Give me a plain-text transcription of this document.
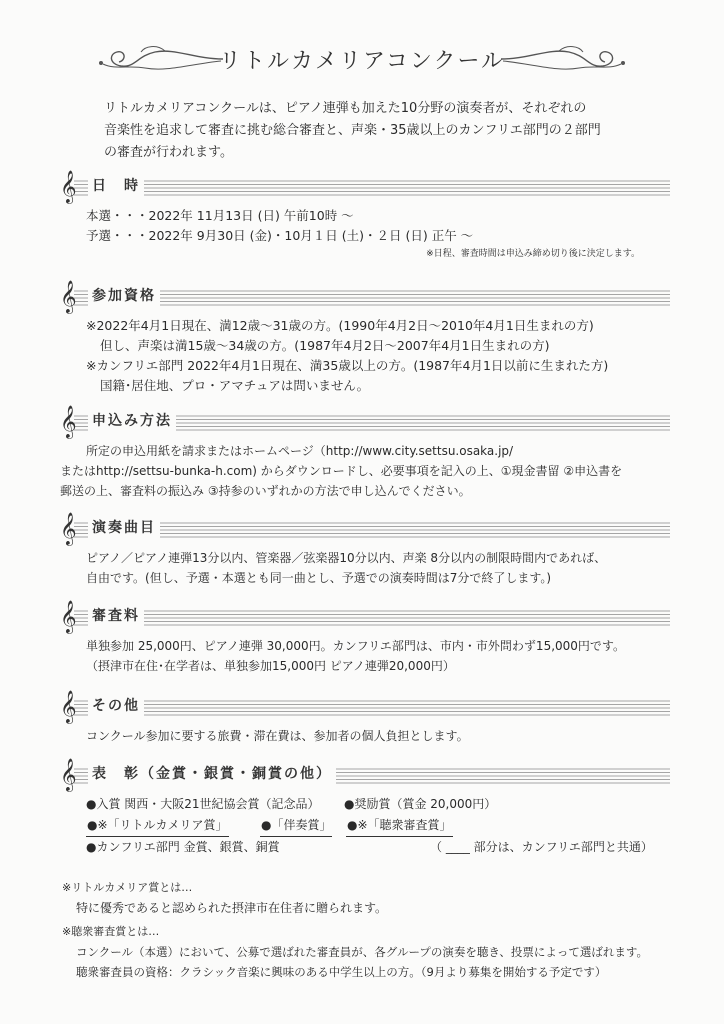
リトルカメリアコンクール

リトルカメリアコンクールは、ピアノ連弾も加えた10分野の演奏者が、それぞれの

音楽性を追求して審査に挑む総合審査と、声楽・35歳以上のカンフリエ部門の２部門

の審査が行われます。

𝄞 日　時

本選・・・2022年 11月13日 (日) 午前10時 ～

予選・・・2022年 9月30日 (金)・10月１日 (土)・２日 (日) 正午 ～

※日程、審査時間は申込み締め切り後に決定します。

𝄞 参加資格

※2022年4月1日現在、満12歳～31歳の方。(1990年4月2日～2010年4月1日生まれの方)

但し、声楽は満15歳～34歳の方。(1987年4月2日～2007年4月1日生まれの方)

※カンフリエ部門 2022年4月1日現在、満35歳以上の方。(1987年4月1日以前に生まれた方)

国籍･居住地、プロ・アマチュアは問いません。

𝄞 申込み方法

所定の申込用紙を請求またはホームページ（http://www.city.settsu.osaka.jp/

またはhttp://settsu-bunka-h.com) からダウンロードし、必要事項を記入の上、①現金書留 ②申込書を

郵送の上、審査料の振込み ③持参のいずれかの方法で申し込んでください。

𝄞 演奏曲目

ピアノ／ピアノ連弾13分以内、管楽器／弦楽器10分以内、声楽 8分以内の制限時間内であれば、

自由です。(但し、予選・本選とも同一曲とし、予選での演奏時間は7分で終了します。)

𝄞 審査料

単独参加 25,000円、ピアノ連弾 30,000円。カンフリエ部門は、市内・市外問わず15,000円です。

（摂津市在住･在学者は、単独参加15,000円 ピアノ連弾20,000円）

𝄞 その他

コンクール参加に要する旅費・滞在費は、参加者の個人負担とします。

𝄞 表　彰（金賞・銀賞・銅賞の他）
●入賞 関西・大阪21世紀協会賞（記念品）	●奨励賞（賞金 20,000円）
●※「リトルカメリア賞」	●「伴奏賞」	●※「聴衆審査賞」
●カンフリエ部門 金賞、銀賞、銅賞	（ ____ 部分は、カンフリエ部門と共通）

※リトルカメリア賞とは…

特に優秀であると認められた摂津市在住者に贈られます。

※聴衆審査賞とは…

コンクール（本選）において、公募で選ばれた審査員が、各グループの演奏を聴き、投票によって選ばれます。

聴衆審査員の資格：クラシック音楽に興味のある中学生以上の方。（9月より募集を開始する予定です）
